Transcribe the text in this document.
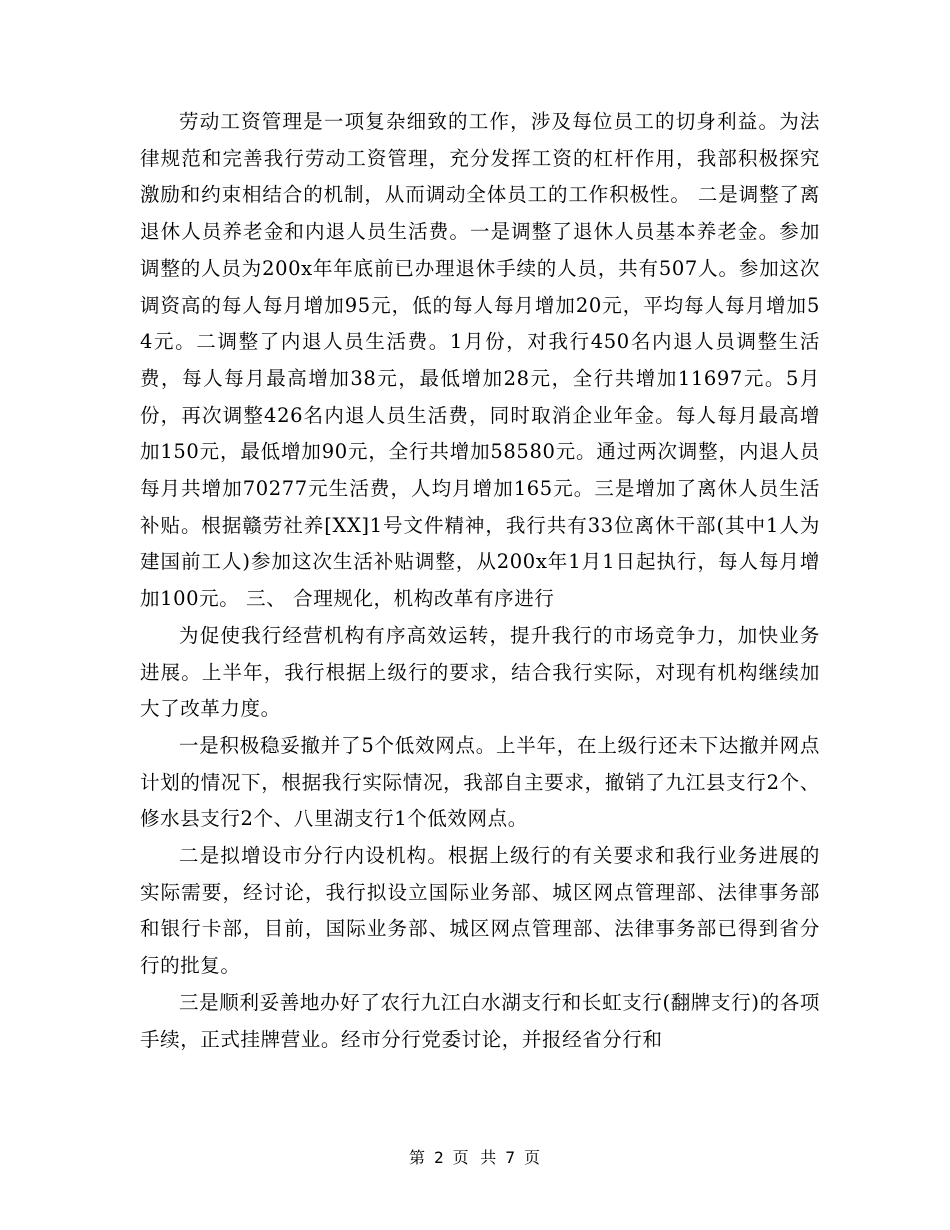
劳动工资管理是一项复杂细致的工作，涉及每位员工的切身利益。为法律规范和完善我行劳动工资管理，充分发挥工资的杠杆作用，我部积极探究激励和约束相结合的机制，从而调动全体员工的工作积极性。 二是调整了离退休人员养老金和内退人员生活费。一是调整了退休人员基本养老金。参加调整的人员为200x年年底前已办理退休手续的人员，共有507人。参加这次调资高的每人每月增加95元，低的每人每月增加20元，平均每人每月增加54元。二调整了内退人员生活费。1月份，对我行450名内退人员调整生活费，每人每月最高增加38元，最低增加28元，全行共增加11697元。5月份，再次调整426名内退人员生活费，同时取消企业年金。每人每月最高增加150元，最低增加90元，全行共增加58580元。通过两次调整，内退人员每月共增加70277元生活费，人均月增加165元。三是增加了离休人员生活补贴。根据赣劳社养[XX]1号文件精神，我行共有33位离休干部(其中1人为建国前工人)参加这次生活补贴调整，从200x年1月1日起执行，每人每月增加100元。 三、 合理规化，机构改革有序进行

为促使我行经营机构有序高效运转，提升我行的市场竞争力，加快业务进展。上半年，我行根据上级行的要求，结合我行实际，对现有机构继续加大了改革力度。

一是积极稳妥撤并了5个低效网点。上半年，在上级行还未下达撤并网点计划的情况下，根据我行实际情况，我部自主要求，撤销了九江县支行2个、修水县支行2个、八里湖支行1个低效网点。

二是拟增设市分行内设机构。根据上级行的有关要求和我行业务进展的实际需要，经讨论，我行拟设立国际业务部、城区网点管理部、法律事务部和银行卡部，目前，国际业务部、城区网点管理部、法律事务部已得到省分行的批复。

三是顺利妥善地办好了农行九江白水湖支行和长虹支行(翻牌支行)的各项手续，正式挂牌营业。经市分行党委讨论，并报经省分行和

第 2 页 共 7 页
